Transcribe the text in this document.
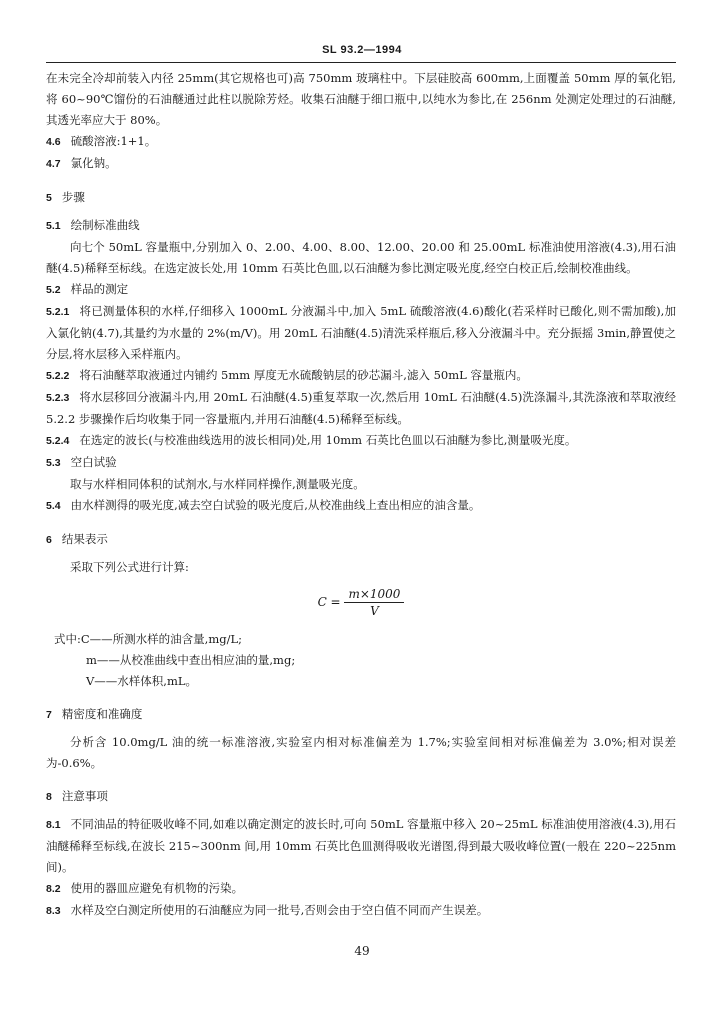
SL 93.2—1994

在未完全冷却前装入内径 25mm(其它规格也可)高 750mm 玻璃柱中。下层硅胶高 600mm,上面覆盖 50mm 厚的氧化铝,将 60~90℃馏份的石油醚通过此柱以脱除芳烃。收集石油醚于细口瓶中,以纯水为参比,在 256nm 处测定处理过的石油醚,其透光率应大于 80%。

4.6 硫酸溶液:1+1。

4.7 氯化钠。

5 步骤

5.1 绘制标准曲线

向七个 50mL 容量瓶中,分别加入 0、2.00、4.00、8.00、12.00、20.00 和 25.00mL 标准油使用溶液(4.3),用石油醚(4.5)稀释至标线。在选定波长处,用 10mm 石英比色皿,以石油醚为参比测定吸光度,经空白校正后,绘制校准曲线。

5.2 样品的测定

5.2.1 将已测量体积的水样,仔细移入 1000mL 分液漏斗中,加入 5mL 硫酸溶液(4.6)酸化(若采样时已酸化,则不需加酸),加入氯化钠(4.7),其量约为水量的 2%(m/V)。用 20mL 石油醚(4.5)清洗采样瓶后,移入分液漏斗中。充分振摇 3min,静置使之分层,将水层移入采样瓶内。

5.2.2 将石油醚萃取液通过内铺约 5mm 厚度无水硫酸钠层的砂芯漏斗,滤入 50mL 容量瓶内。

5.2.3 将水层移回分液漏斗内,用 20mL 石油醚(4.5)重复萃取一次,然后用 10mL 石油醚(4.5)洗涤漏斗,其洗涤液和萃取液经 5.2.2 步骤操作后均收集于同一容量瓶内,并用石油醚(4.5)稀释至标线。

5.2.4 在选定的波长(与校准曲线选用的波长相同)处,用 10mm 石英比色皿以石油醚为参比,测量吸光度。

5.3 空白试验

取与水样相同体积的试剂水,与水样同样操作,测量吸光度。

5.4 由水样测得的吸光度,减去空白试验的吸光度后,从校准曲线上查出相应的油含量。

6 结果表示

采取下列公式进行计算:

$C = \frac{m\times 1000}{V}$

式中:C——所测水样的油含量,mg/L;

m——从校准曲线中查出相应油的量,mg;

V——水样体积,mL。

7 精密度和准确度

分析含 10.0mg/L 油的统一标准溶液,实验室内相对标准偏差为 1.7%;实验室间相对标准偏差为 3.0%;相对误差为-0.6%。

8 注意事项

8.1 不同油品的特征吸收峰不同,如难以确定测定的波长时,可向 50mL 容量瓶中移入 20~25mL 标准油使用溶液(4.3),用石油醚稀释至标线,在波长 215~300nm 间,用 10mm 石英比色皿测得吸收光谱图,得到最大吸收峰位置(一般在 220~225nm 间)。

8.2 使用的器皿应避免有机物的污染。

8.3 水样及空白测定所使用的石油醚应为同一批号,否则会由于空白值不同而产生误差。

49
